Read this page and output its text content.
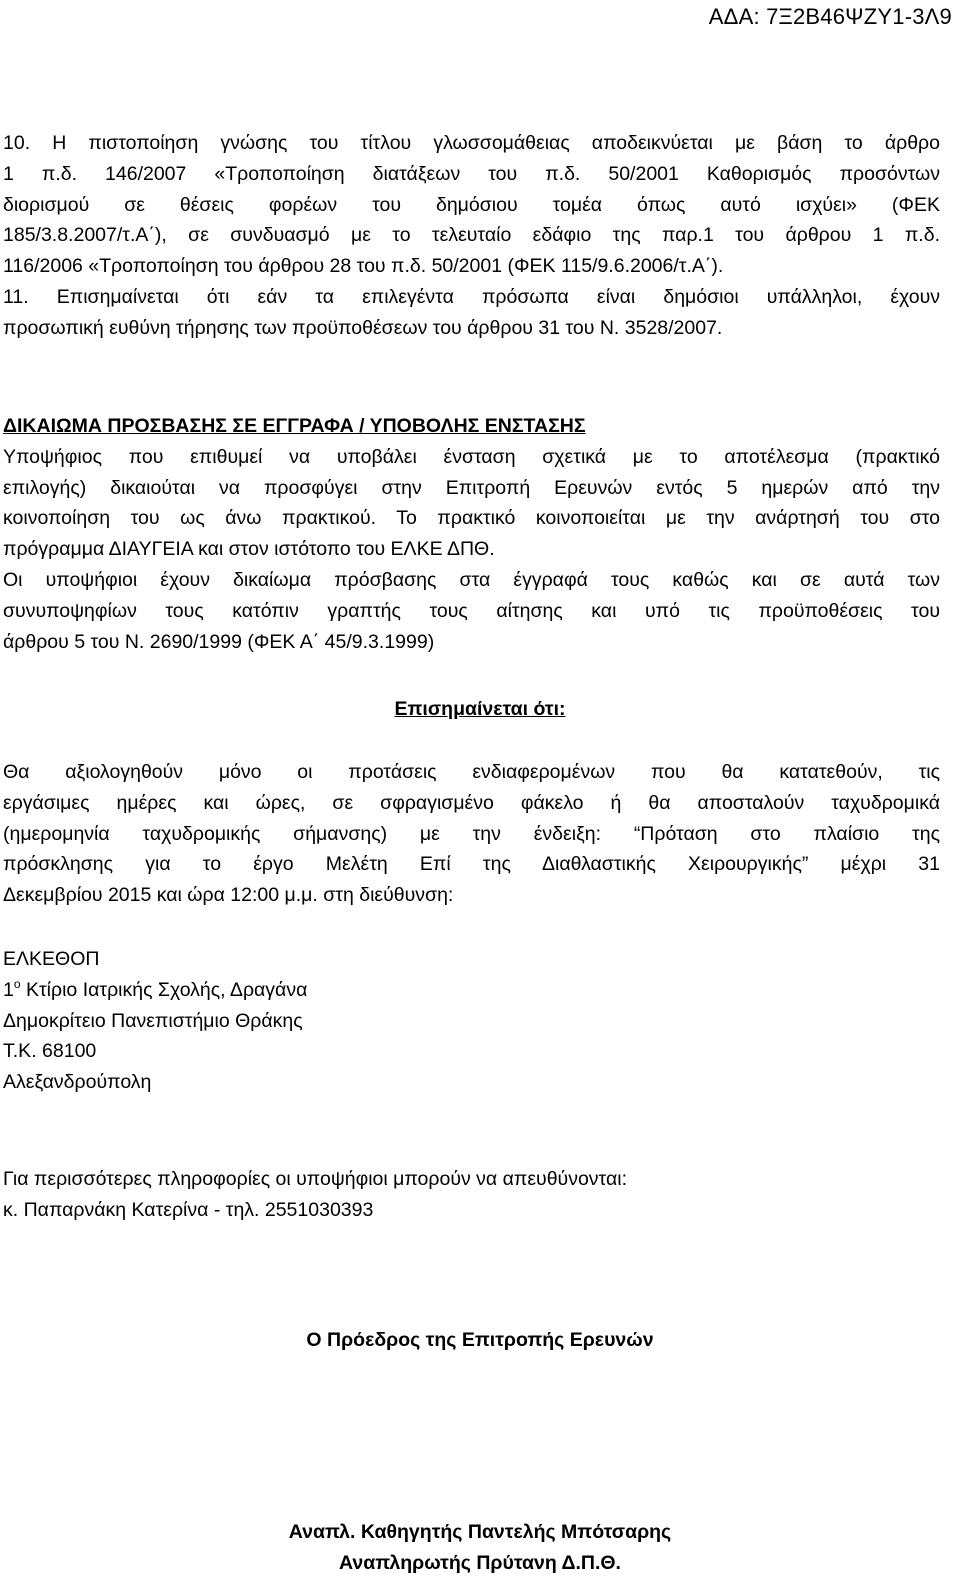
ΑΔΑ: 7Ξ2Β46ΨΖΥ1-3Λ9

10. Η πιστοποίηση γνώσης του τίτλου γλωσσομάθειας αποδεικνύεται με βάση το άρθρο

1 π.δ. 146/2007 «Τροποποίηση διατάξεων του π.δ. 50/2001 Καθορισμός προσόντων

διορισμού σε θέσεις φορέων του δημόσιου τομέα όπως αυτό ισχύει» (ΦΕΚ

185/3.8.2007/τ.Α΄), σε συνδυασμό με το τελευταίο εδάφιο της παρ.1 του άρθρου 1 π.δ.

116/2006 «Τροποποίηση του άρθρου 28 του π.δ. 50/2001 (ΦΕΚ 115/9.6.2006/τ.Α΄).

11. Επισημαίνεται ότι εάν τα επιλεγέντα πρόσωπα είναι δημόσιοι υπάλληλοι, έχουν

προσωπική ευθύνη τήρησης των προϋποθέσεων του άρθρου 31 του Ν. 3528/2007.

ΔΙΚΑΙΩΜΑ ΠΡΟΣΒΑΣΗΣ ΣΕ ΕΓΓΡΑΦΑ / ΥΠΟΒΟΛΗΣ ΕΝΣΤΑΣΗΣ

Υποψήφιος που επιθυμεί να υποβάλει ένσταση σχετικά με το αποτέλεσμα (πρακτικό

επιλογής) δικαιούται να προσφύγει στην Επιτροπή Ερευνών εντός 5 ημερών από την

κοινοποίηση του ως άνω πρακτικού. Το πρακτικό κοινοποιείται με την ανάρτησή του στο

πρόγραμμα ΔΙΑΥΓΕΙΑ και στον ιστότοπο του ΕΛΚΕ ΔΠΘ.

Οι υποψήφιοι έχουν δικαίωμα πρόσβασης στα έγγραφά τους καθώς και σε αυτά των

συνυποψηφίων τους κατόπιν γραπτής τους αίτησης και υπό τις προϋποθέσεις του

άρθρου 5 του Ν. 2690/1999 (ΦΕΚ Α΄ 45/9.3.1999)

Επισημαίνεται ότι:

Θα αξιολογηθούν μόνο οι προτάσεις ενδιαφερομένων που θα κατατεθούν, τις

εργάσιμες ημέρες και ώρες, σε σφραγισμένο φάκελο ή θα αποσταλούν ταχυδρομικά

(ημερομηνία ταχυδρομικής σήμανσης) με την ένδειξη: “Πρόταση στο πλαίσιο της

πρόσκλησης για το έργο Μελέτη Επί της Διαθλαστικής Χειρουργικής” μέχρι 31

Δεκεμβρίου 2015 και ώρα 12:00 μ.μ. στη διεύθυνση:

ΕΛΚΕΘΟΠ

$1^o$ Κτίριο Ιατρικής Σχολής, Δραγάνα

Δημοκρίτειο Πανεπιστήμιο Θράκης

Τ.Κ. 68100

Αλεξανδρούπολη

Για περισσότερες πληροφορίες οι υποψήφιοι μπορούν να απευθύνονται:

κ. Παπαρνάκη Κατερίνα - τηλ. 2551030393

Ο Πρόεδρος της Επιτροπής Ερευνών
Αναπλ. Καθηγητής Παντελής Μπότσαρης
Αναπληρωτής Πρύτανη Δ.Π.Θ.
